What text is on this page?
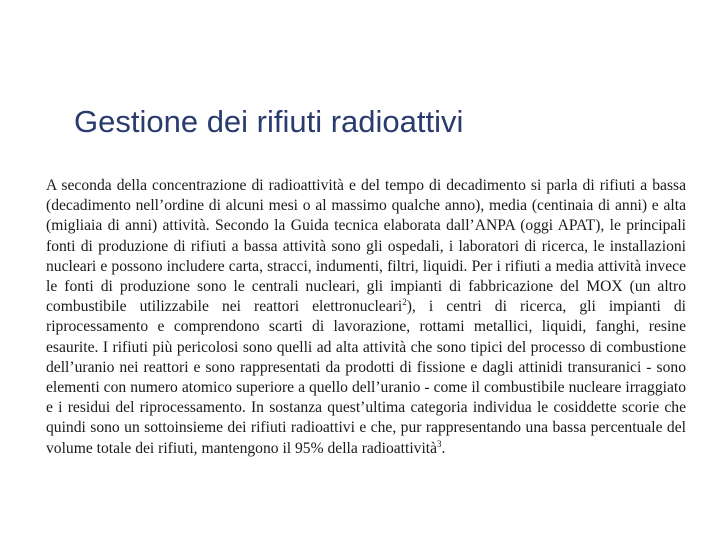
Gestione dei rifiuti radioattivi

A seconda della concentrazione di radioattività e del tempo di decadimento si parla di rifiuti a bassa (decadimento nell’ordine di alcuni mesi o al massimo qualche anno), media (centinaia di anni) e alta (migliaia di anni) attività. Secondo la Guida tecnica elaborata dall’ANPA (oggi APAT), le principali fonti di produzione di rifiuti a bassa attività sono gli ospedali, i laboratori di ricerca, le installazioni nucleari e possono includere carta, stracci, indumenti, filtri, liquidi. Per i rifiuti a media attività invece le fonti di produzione sono le centrali nucleari, gli impianti di fabbricazione del MOX (un altro combustibile utilizzabile nei reattori elettronucleari$^2$), i centri di ricerca, gli impianti di riprocessamento e comprendono scarti di lavorazione, rottami metallici, liquidi, fanghi, resine esaurite. I rifiuti più pericolosi sono quelli ad alta attività che sono tipici del processo di combustione dell’uranio nei reattori e sono rappresentati da prodotti di fissione e dagli attinidi transuranici - sono elementi con numero atomico superiore a quello dell’uranio - come il combustibile nucleare irraggiato e i residui del riprocessamento. In sostanza quest’ultima categoria individua le cosiddette scorie che quindi sono un sottoinsieme dei rifiuti radioattivi e che, pur rappresentando una bassa percentuale del volume totale dei rifiuti, mantengono il 95% della radioattività$^3$.
